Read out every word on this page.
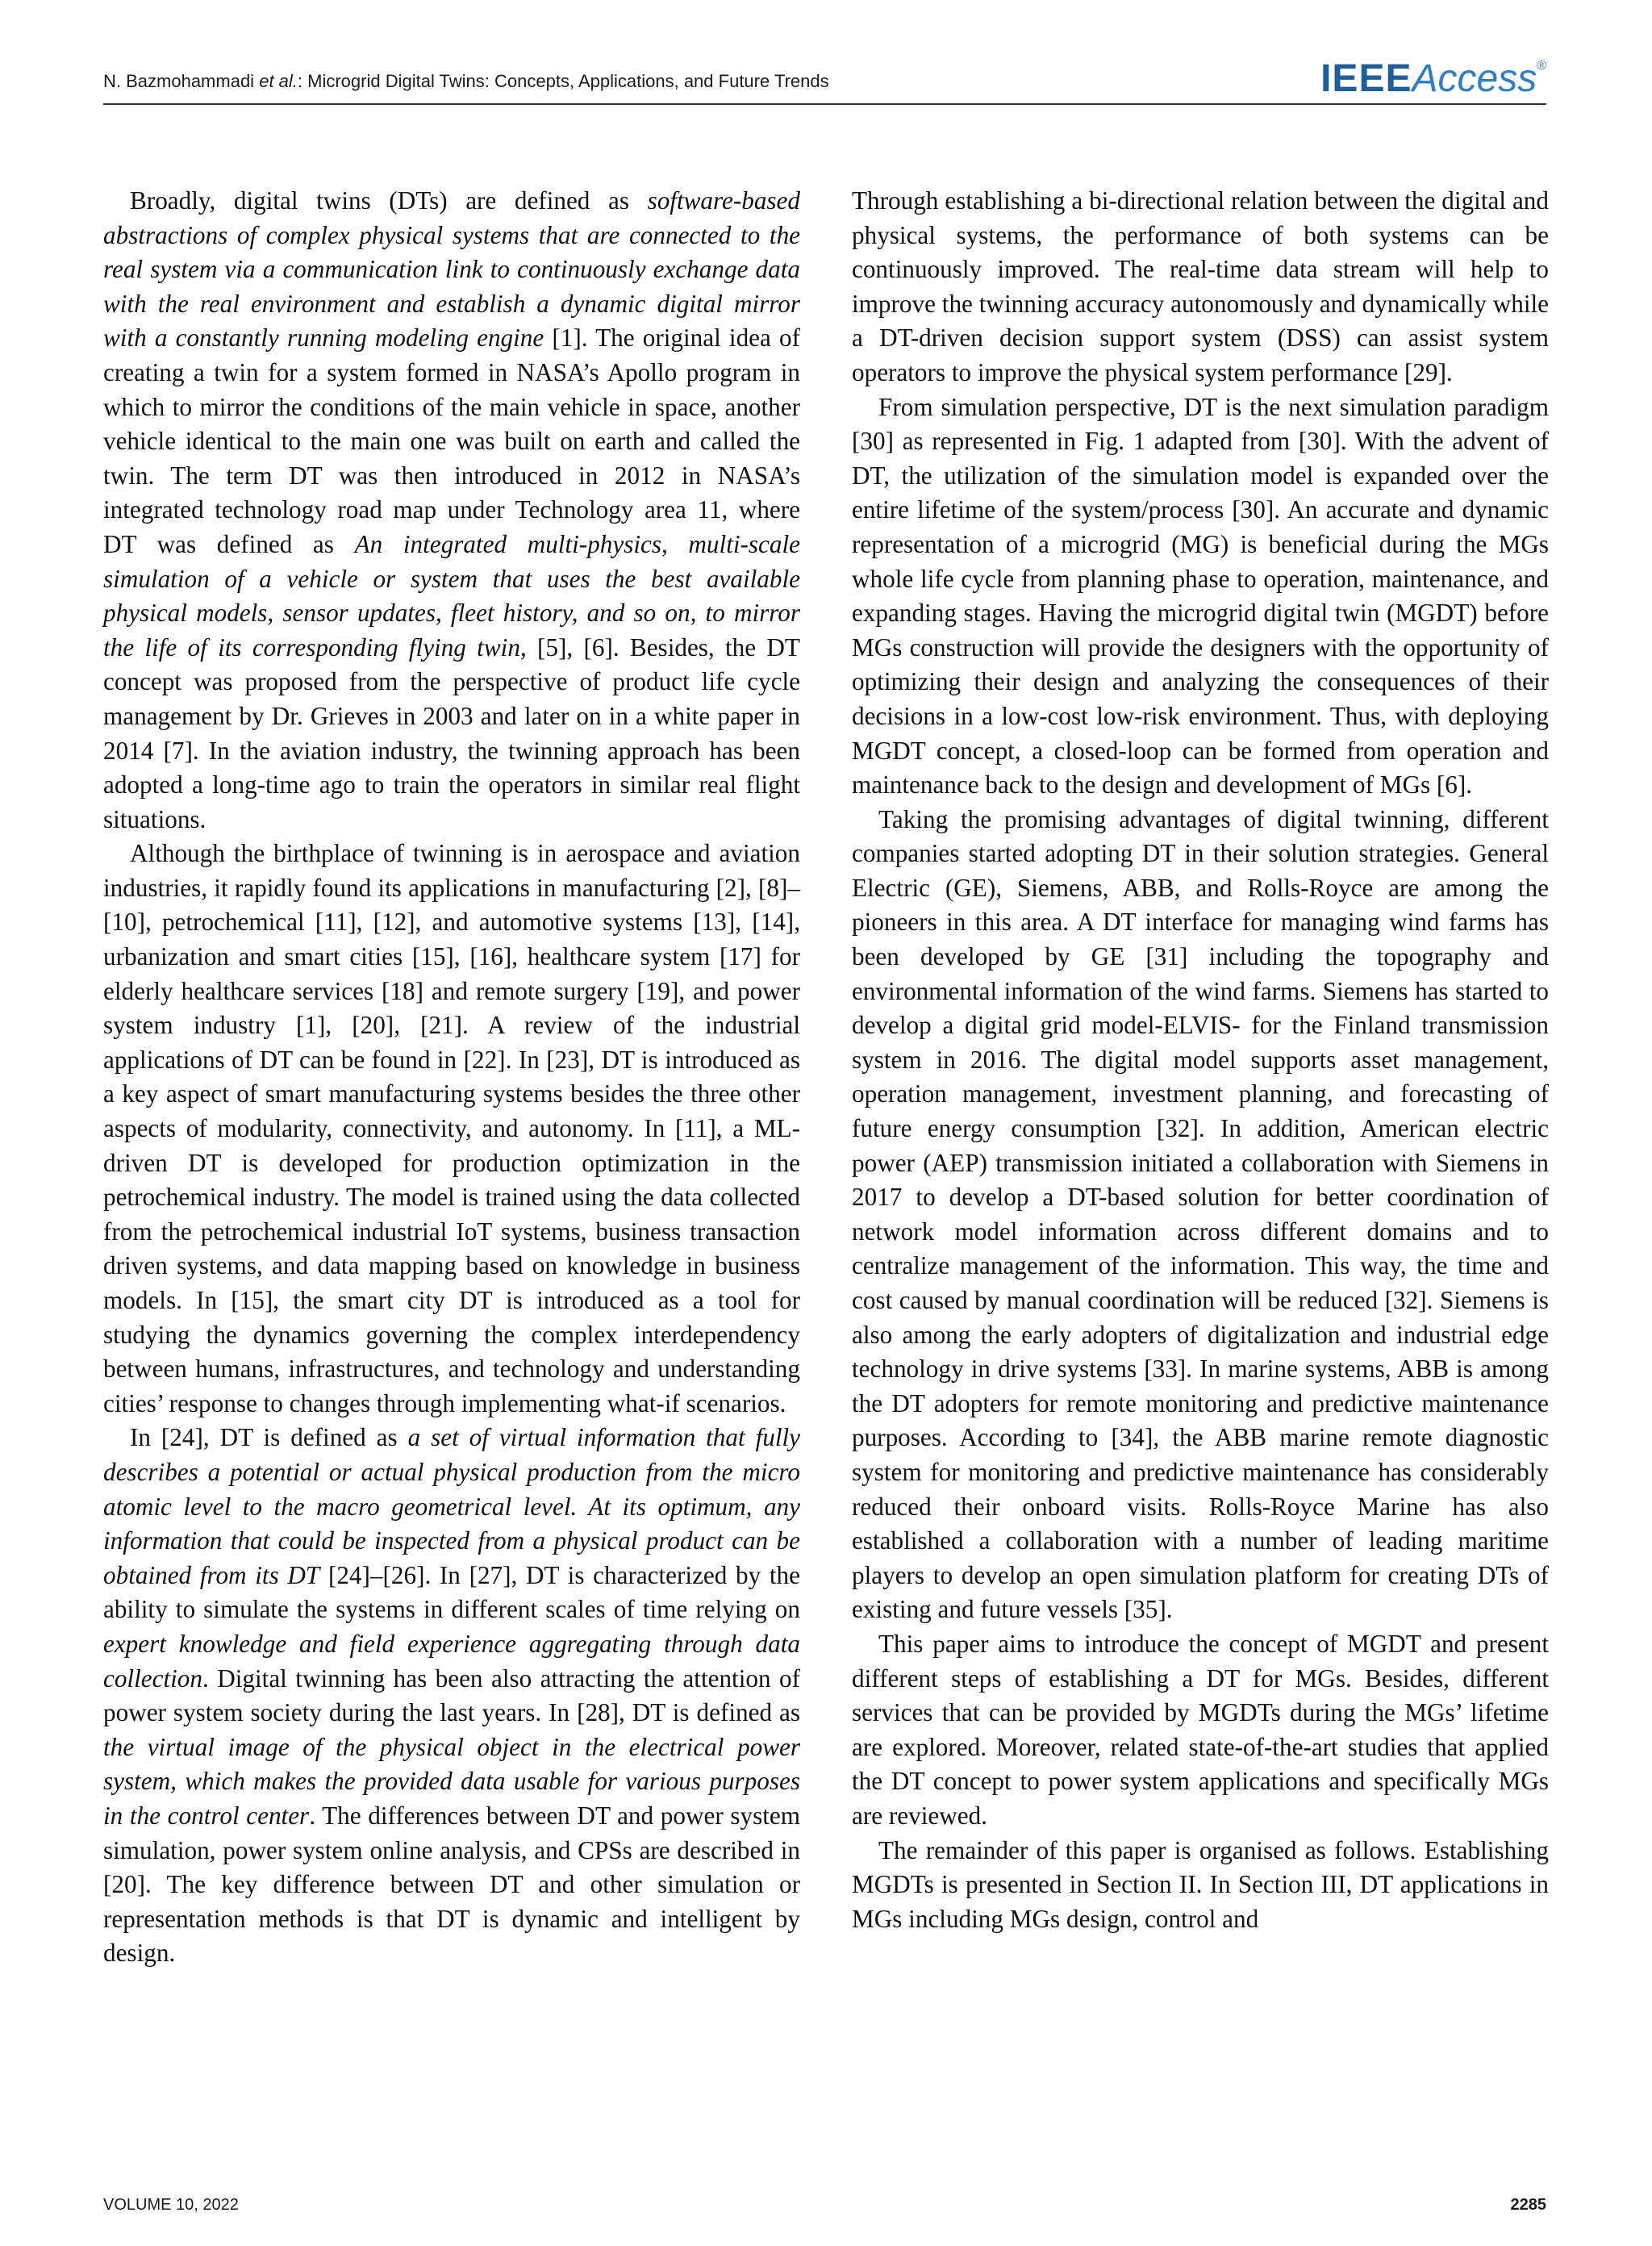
N. Bazmohammadi et al.: Microgrid Digital Twins: Concepts, Applications, and Future Trends	IEEEAccess®

Broadly, digital twins (DTs) are defined as software-based abstractions of complex physical systems that are connected to the real system via a communication link to continuously exchange data with the real environment and establish a dynamic digital mirror with a constantly running modeling engine [1]. The original idea of creating a twin for a system formed in NASA’s Apollo program in which to mirror the conditions of the main vehicle in space, another vehicle identical to the main one was built on earth and called the twin. The term DT was then introduced in 2012 in NASA’s integrated technology road map under Technology area 11, where DT was defined as An integrated multi-physics, multi-scale simulation of a vehicle or system that uses the best available physical models, sensor updates, fleet history, and so on, to mirror the life of its corresponding flying twin, [5], [6]. Besides, the DT concept was proposed from the perspective of product life cycle management by Dr. Grieves in 2003 and later on in a white paper in 2014 [7]. In the aviation industry, the twinning approach has been adopted a long-time ago to train the operators in similar real flight situations.

Although the birthplace of twinning is in aerospace and aviation industries, it rapidly found its applications in manufacturing [2], [8]–[10], petrochemical [11], [12], and automotive systems [13], [14], urbanization and smart cities [15], [16], healthcare system [17] for elderly healthcare services [18] and remote surgery [19], and power system industry [1], [20], [21]. A review of the industrial applications of DT can be found in [22]. In [23], DT is introduced as a key aspect of smart manufacturing systems besides the three other aspects of modularity, connectivity, and autonomy. In [11], a ML-driven DT is developed for production optimization in the petrochemical industry. The model is trained using the data collected from the petrochemical industrial IoT systems, business transaction driven systems, and data mapping based on knowledge in business models. In [15], the smart city DT is introduced as a tool for studying the dynamics governing the complex interdependency between humans, infrastructures, and technology and understanding cities’ response to changes through implementing what-if scenarios.

In [24], DT is defined as a set of virtual information that fully describes a potential or actual physical production from the micro atomic level to the macro geometrical level. At its optimum, any information that could be inspected from a physical product can be obtained from its DT [24]–[26]. In [27], DT is characterized by the ability to simulate the systems in different scales of time relying on expert knowledge and field experience aggregating through data collection. Digital twinning has been also attracting the attention of power system society during the last years. In [28], DT is defined as the virtual image of the physical object in the electrical power system, which makes the provided data usable for various purposes in the control center. The differences between DT and power system simulation, power system online analysis, and CPSs are described in [20]. The key difference between DT and other simulation or representation methods is that DT is dynamic and intelligent by design.

Through establishing a bi-directional relation between the digital and physical systems, the performance of both systems can be continuously improved. The real-time data stream will help to improve the twinning accuracy autonomously and dynamically while a DT-driven decision support system (DSS) can assist system operators to improve the physical system performance [29].

From simulation perspective, DT is the next simulation paradigm [30] as represented in Fig. 1 adapted from [30]. With the advent of DT, the utilization of the simulation model is expanded over the entire lifetime of the system/process [30]. An accurate and dynamic representation of a microgrid (MG) is beneficial during the MGs whole life cycle from planning phase to operation, maintenance, and expanding stages. Having the microgrid digital twin (MGDT) before MGs construction will provide the designers with the opportunity of optimizing their design and analyzing the consequences of their decisions in a low-cost low-risk environment. Thus, with deploying MGDT concept, a closed-loop can be formed from operation and maintenance back to the design and development of MGs [6].

Taking the promising advantages of digital twinning, different companies started adopting DT in their solution strategies. General Electric (GE), Siemens, ABB, and Rolls-Royce are among the pioneers in this area. A DT interface for managing wind farms has been developed by GE [31] including the topography and environmental information of the wind farms. Siemens has started to develop a digital grid model-ELVIS- for the Finland transmission system in 2016. The digital model supports asset management, operation management, investment planning, and forecasting of future energy consumption [32]. In addition, American electric power (AEP) transmission initiated a collaboration with Siemens in 2017 to develop a DT-based solution for better coordination of network model information across different domains and to centralize management of the information. This way, the time and cost caused by manual coordination will be reduced [32]. Siemens is also among the early adopters of digitalization and industrial edge technology in drive systems [33]. In marine systems, ABB is among the DT adopters for remote monitoring and predictive maintenance purposes. According to [34], the ABB marine remote diagnostic system for monitoring and predictive maintenance has considerably reduced their onboard visits. Rolls-Royce Marine has also established a collaboration with a number of leading maritime players to develop an open simulation platform for creating DTs of existing and future vessels [35].

This paper aims to introduce the concept of MGDT and present different steps of establishing a DT for MGs. Besides, different services that can be provided by MGDTs during the MGs’ lifetime are explored. Moreover, related state-of-the-art studies that applied the DT concept to power system applications and specifically MGs are reviewed.

The remainder of this paper is organised as follows. Establishing MGDTs is presented in Section II. In Section III, DT applications in MGs including MGs design, control and

VOLUME 10, 2022	2285
